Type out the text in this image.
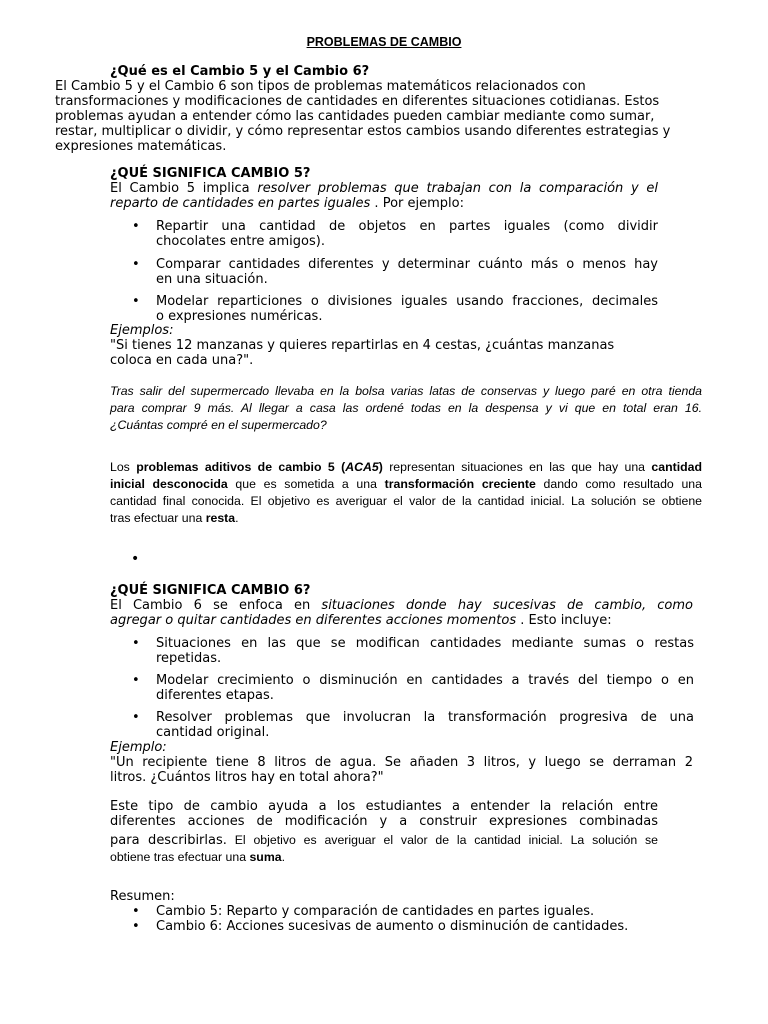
PROBLEMAS DE CAMBIO
¿Qué es el Cambio 5 y el Cambio 6?
El Cambio 5 y el Cambio 6 son tipos de problemas matemáticos relacionados con
transformaciones y modificaciones de cantidades en diferentes situaciones cotidianas. Estos
problemas ayudan a entender cómo las cantidades pueden cambiar mediante como sumar,
restar, multiplicar o dividir, y cómo representar estos cambios usando diferentes estrategias y
expresiones matemáticas.
¿QUÉ SIGNIFICA CAMBIO 5?
El Cambio 5 implica resolver problemas que trabajan con la comparación y el
reparto de cantidades en partes iguales . Por ejemplo:
• Repartir una cantidad de objetos en partes iguales (como dividir
chocolates entre amigos).
• Comparar cantidades diferentes y determinar cuánto más o menos hay
en una situación.
• Modelar reparticiones o divisiones iguales usando fracciones, decimales
o expresiones numéricas.
Ejemplos:
"Si tienes 12 manzanas y quieres repartirlas en 4 cestas, ¿cuántas manzanas
coloca en cada una?".
Tras salir del supermercado llevaba en la bolsa varias latas de conservas y luego paré en otra tienda
para comprar 9 más. Al llegar a casa las ordené todas en la despensa y vi que en total eran 16.
¿Cuántas compré en el supermercado?
Los problemas aditivos de cambio 5 (ACA5) representan situaciones en las que hay una cantidad
inicial desconocida que es sometida a una transformación creciente dando como resultado una
cantidad final conocida. El objetivo es averiguar el valor de la cantidad inicial. La solución se obtiene
tras efectuar una resta.
•
¿QUÉ SIGNIFICA CAMBIO 6?
El Cambio 6 se enfoca en situaciones donde hay sucesivas de cambio, como
agregar o quitar cantidades en diferentes acciones momentos . Esto incluye:
• Situaciones en las que se modifican cantidades mediante sumas o restas
repetidas.
• Modelar crecimiento o disminución en cantidades a través del tiempo o en
diferentes etapas.
• Resolver problemas que involucran la transformación progresiva de una
cantidad original.
Ejemplo:
"Un recipiente tiene 8 litros de agua. Se añaden 3 litros, y luego se derraman 2
litros. ¿Cuántos litros hay en total ahora?"
Este tipo de cambio ayuda a los estudiantes a entender la relación entre
diferentes acciones de modificación y a construir expresiones combinadas
para describirlas. El objetivo es averiguar el valor de la cantidad inicial. La solución se
obtiene tras efectuar una suma.
Resumen:
• Cambio 5: Reparto y comparación de cantidades en partes iguales.
• Cambio 6: Acciones sucesivas de aumento o disminución de cantidades.
